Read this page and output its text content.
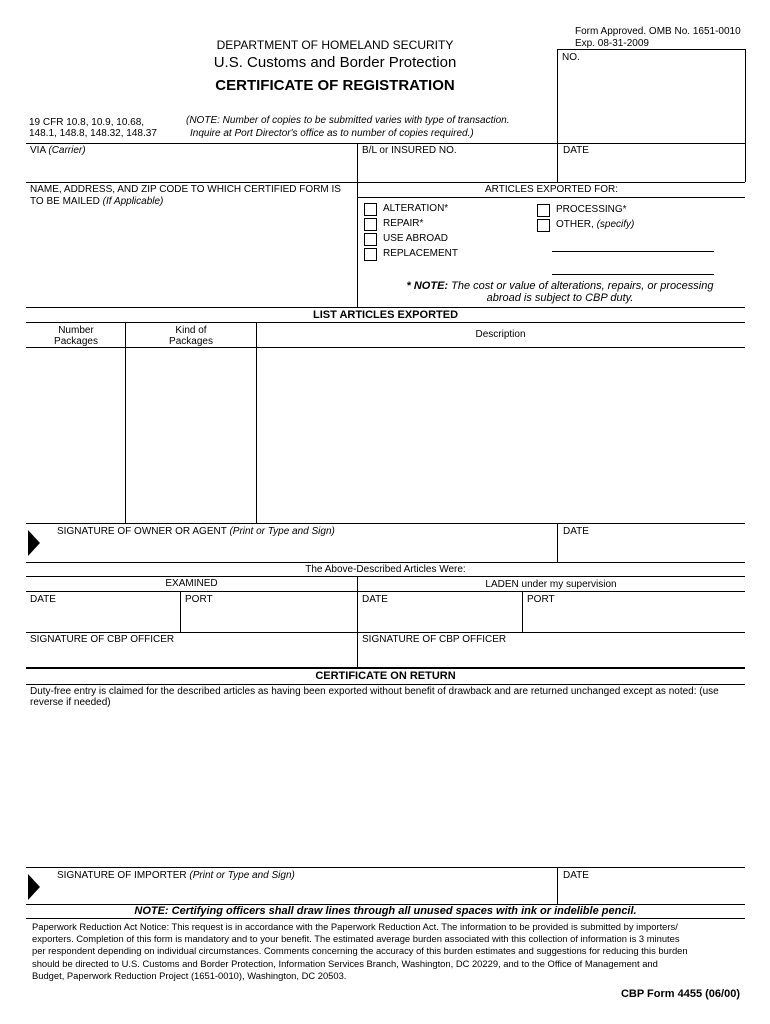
Form Approved. OMB No. 1651-0010
Exp. 08-31-2009
DEPARTMENT OF HOMELAND SECURITY
U.S. Customs and Border Protection
CERTIFICATE OF REGISTRATION
NO.
19 CFR 10.8, 10.9, 10.68,
148.1, 148.8, 148.32, 148.37
(NOTE: Number of copies to be submitted varies with type of transaction.
Inquire at Port Director's office as to number of copies required.)
VIA (Carrier)	B/L or INSURED NO.	DATE
NAME, ADDRESS, AND ZIP CODE TO WHICH CERTIFIED FORM IS
TO BE MAILED (If Applicable)
ARTICLES EXPORTED FOR:
ALTERATION*
REPAIR*
USE ABROAD
REPLACEMENT
PROCESSING*
OTHER, (specify)
* NOTE: The cost or value of alterations, repairs, or processing
abroad is subject to CBP duty.
LIST ARTICLES EXPORTED
Number
Packages
Kind of
Packages
Description
SIGNATURE OF OWNER OR AGENT (Print or Type and Sign)	DATE
The Above-Described Articles Were:
EXAMINED	LADEN under my supervision
DATE	PORT	DATE	PORT
SIGNATURE OF CBP OFFICER	SIGNATURE OF CBP OFFICER
CERTIFICATE ON RETURN
Duty-free entry is claimed for the described articles as having been exported without benefit of drawback and are returned unchanged except as noted: (use
reverse if needed)
SIGNATURE OF IMPORTER (Print or Type and Sign)	DATE
NOTE: Certifying officers shall draw lines through all unused spaces with ink or indelible pencil.
Paperwork Reduction Act Notice: This request is in accordance with the Paperwork Reduction Act. The information to be provided is submitted by importers/
exporters. Completion of this form is mandatory and to your benefit. The estimated average burden associated with this collection of information is 3 minutes
per respondent depending on individual circumstances. Comments concerning the accuracy of this burden estimates and suggestions for reducing this burden
should be directed to U.S. Customs and Border Protection, Information Services Branch, Washington, DC 20229, and to the Office of Management and
Budget, Paperwork Reduction Project (1651-0010), Washington, DC 20503.
CBP Form 4455 (06/00)
